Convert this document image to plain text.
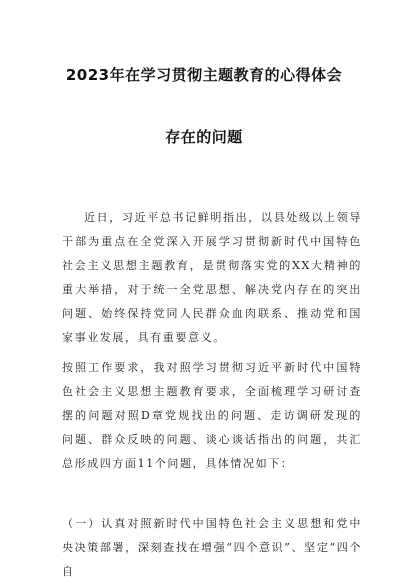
2023年在学习贯彻主题教育的心得体会
存在的问题

近日，习近平总书记鲜明指出，以县处级以上领导干部为重点在全党深入开展学习贯彻新时代中国特色社会主义思想主题教育，是贯彻落实党的XX大精神的重大举措，对于统一全党思想、解决党内存在的突出问题、始终保持党同人民群众血肉联系、推动党和国家事业发展，具有重要意义。

按照工作要求，我对照学习贯彻习近平新时代中国特色社会主义思想主题教育要求，全面梳理学习研讨查摆的问题对照D章党规找出的问题、走访调研发现的问题、群众反映的问题、谈心谈话指出的问题，共汇总形成四方面11个问题，具体情况如下：

（一）认真对照新时代中国特色社会主义思想和党中央决策部署，深刻查找在增强“四个意识”、坚定“四个自
